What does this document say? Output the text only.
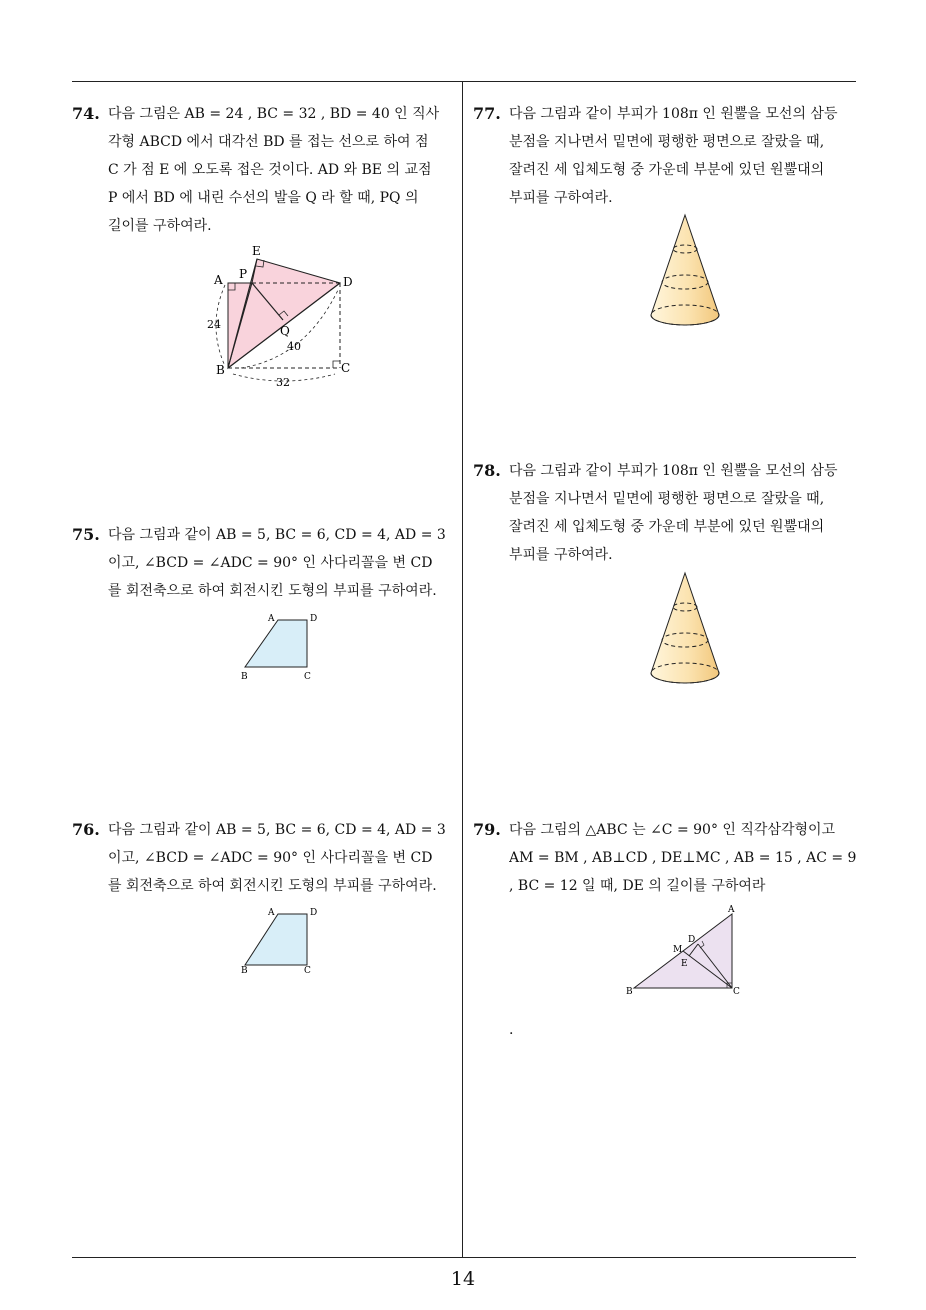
74. 다음 그림은 AB = 24 , BC = 32 , BD = 40 인 직사
각형 ABCD 에서 대각선 BD 를 접는 선으로 하여 점
C 가 점 E 에 오도록 접은 것이다. AD 와 BE 의 교점
P 에서 BD 에 내린 수선의 발을 Q 라 할 때, PQ 의
길이를 구하여라.
E
A P
D
Q
B	C
24
40
32
75. 다음 그림과 같이 AB = 5, BC = 6, CD = 4, AD = 3
이고, ∠BCD = ∠ADC = 90° 인 사다리꼴을 변 CD
를 회전축으로 하여 회전시킨 도형의 부피를 구하여라.
A	D
B	C
76. 다음 그림과 같이 AB = 5, BC = 6, CD = 4, AD = 3
이고, ∠BCD = ∠ADC = 90° 인 사다리꼴을 변 CD
를 회전축으로 하여 회전시킨 도형의 부피를 구하여라.
A	D
B	C
77. 다음 그림과 같이 부피가 108π 인 원뿔을 모선의 삼등
분점을 지나면서 밑면에 평행한 평면으로 잘랐을 때,
잘려진 세 입체도형 중 가운데 부분에 있던 원뿔대의
부피를 구하여라.
78. 다음 그림과 같이 부피가 108π 인 원뿔을 모선의 삼등
분점을 지나면서 밑면에 평행한 평면으로 잘랐을 때,
잘려진 세 입체도형 중 가운데 부분에 있던 원뿔대의
부피를 구하여라.
79. 다음 그림의 △ABC 는 ∠C = 90° 인 직각삼각형이고
AM = BM , AB⊥CD , DE⊥MC , AB = 15 , AC = 9
, BC = 12 일 때, DE 의 길이를 구하여라
A
D
M
E
B	C
.
14
